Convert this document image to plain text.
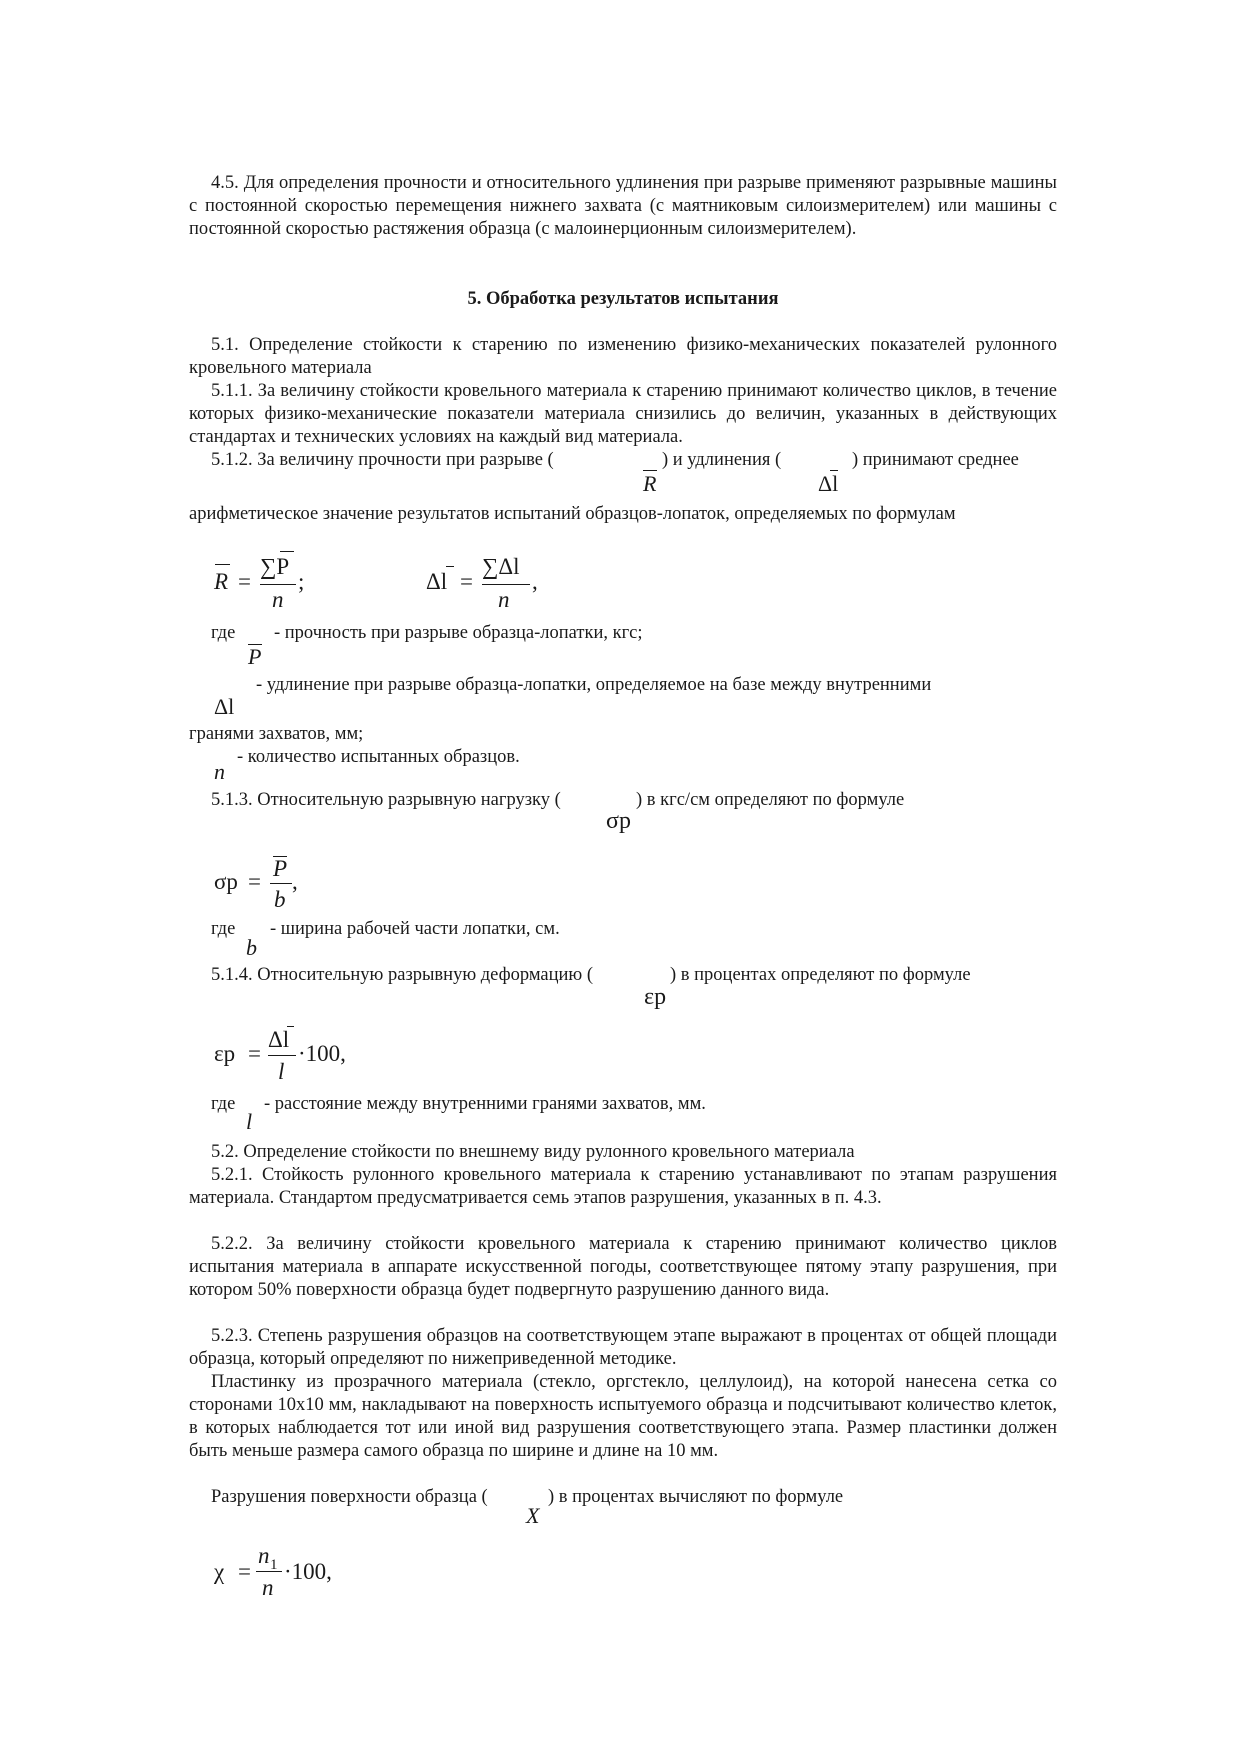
4.5. Для определения прочности и относительного удлинения при разрыве применяют разрывные машины с постоянной скоростью перемещения нижнего захвата (с маятниковым силоизмерителем) или машины с постоянной скоростью растяжения образца (с малоинерционным силоизмерителем).
5. Обработка результатов испытания
5.1. Определение стойкости к старению по изменению физико-механических показателей рулонного кровельного материала
5.1.1. За величину стойкости кровельного материала к старению принимают количество циклов, в течение которых физико-механические показатели материала снизились до величин, указанных в действующих стандартах и технических условиях на каждый вид материала.
5.1.2. За величину прочности при разрыве (	) и удлинения (	) принимают среднее
R	Δl
арифметическое значение результатов испытаний образцов-лопаток, определяемых по формулам
R =
∑P
n
;	Δl =
∑Δl
n
,
где - прочность при разрыве образца-лопатки, кгс;
P
- удлинение при разрыве образца-лопатки, определяемое на базе между внутренними
Δl
гранями захватов, мм;
- количество испытанных образцов.
n
5.1.3. Относительную разрывную нагрузку (	) в кгс/см определяют по формуле
σр
σр =
P
b
,
где - ширина рабочей части лопатки, см.
b
5.1.4. Относительную разрывную деформацию (	) в процентах определяют по формуле
εр
εр =
Δl
l
·100,
где - расстояние между внутренними гранями захватов, мм.
l
5.2. Определение стойкости по внешнему виду рулонного кровельного материала
5.2.1. Стойкость рулонного кровельного материала к старению устанавливают по этапам разрушения материала. Стандартом предусматривается семь этапов разрушения, указанных в п. 4.3.
5.2.2. За величину стойкости кровельного материала к старению принимают количество циклов испытания материала в аппарате искусственной погоды, соответствующее пятому этапу разрушения, при котором 50% поверхности образца будет подвергнуто разрушению данного вида.
5.2.3. Степень разрушения образцов на соответствующем этапе выражают в процентах от общей площади образца, который определяют по нижеприведенной методике.
Пластинку из прозрачного материала (стекло, оргстекло, целлулоид), на которой нанесена сетка со сторонами 10х10 мм, накладывают на поверхность испытуемого образца и подсчитывают количество клеток, в которых наблюдается тот или иной вид разрушения соответствующего этапа. Размер пластинки должен быть меньше размера самого образца по ширине и длине на 10 мм.
Разрушения поверхности образца (	) в процентах вычисляют по формуле
X
χ =
n 1
n
·100,
